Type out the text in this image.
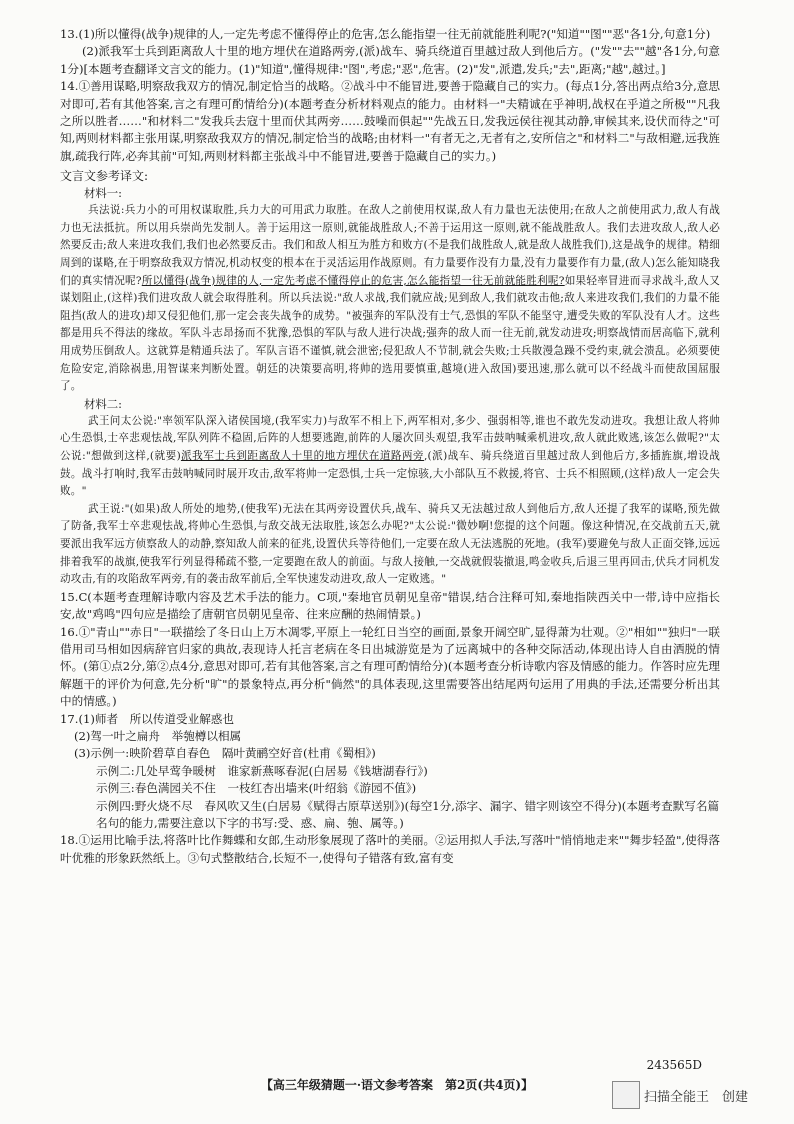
13.(1)所以懂得(战争)规律的人,一定先考虑不懂得停止的危害,怎么能指望一往无前就能胜利呢?("知道""图""恶"各1分,句意1分)

(2)派我军士兵到距离敌人十里的地方埋伏在道路两旁,(派)战车、骑兵绕道百里越过敌人到他后方。("发""去""越"各1分,句意1分)[本题考查翻译文言文的能力。(1)"知道",懂得规律:"图",考虑;"恶",危害。(2)"发",派遣,发兵;"去",距离;"越",越过。]

14.①善用谋略,明察敌我双方的情况,制定恰当的战略。②战斗中不能冒进,要善于隐藏自己的实力。(每点1分,答出两点给3分,意思对即可,若有其他答案,言之有理可酌情给分)(本题考查分析材料观点的能力。由材料一"夫精诚在乎神明,战权在乎道之所极""凡我之所以胜者……"和材料二"发我兵去寇十里而伏其两旁……鼓噪而俱起""先战五日,发我远侯往视其动静,审候其来,设伏而待之"可知,两则材料都主张用谋,明察敌我双方的情况,制定恰当的战略;由材料一"有者无之,无者有之,安所信之"和材料二"与敌相避,远我旌旗,疏我行阵,必奔其前"可知,两则材料都主张战斗中不能冒进,要善于隐藏自己的实力。)

文言文参考译文:

材料一:

兵法说:兵力小的可用权谋取胜,兵力大的可用武力取胜。在敌人之前使用权谋,敌人有力量也无法使用;在敌人之前使用武力,敌人有战力也无法抵抗。所以用兵崇尚先发制人。善于运用这一原则,就能战胜敌人;不善于运用这一原则,就不能战胜敌人。我们去进攻敌人,敌人必然要反击;敌人来进攻我们,我们也必然要反击。我们和敌人相互为胜方和败方(不是我们战胜敌人,就是敌人战胜我们),这是战争的规律。精细周到的谋略,在于明察敌我双方情况,机动权变的根本在于灵活运用作战原则。有力量要作没有力量,没有力量要作有力量,(敌人)怎么能知晓我们的真实情况呢?所以懂得(战争)规律的人,一定先考虑不懂得停止的危害,怎么能指望一往无前就能胜利呢?如果轻率冒进而寻求战斗,敌人又谋划阻止,(这样)我们进攻敌人就会取得胜利。所以兵法说:"敌人求战,我们就应战;见到敌人,我们就攻击他;敌人来进攻我们,我们的力量不能阻挡(敌人的进攻)却又侵犯他们,那一定会丧失战争的成势。"被强奔的军队没有士气,恐惧的军队不能坚守,遭受失败的军队没有人才。这些都是用兵不得法的缘故。军队斗志昂扬而不犹豫,恐惧的军队与敌人进行决战;强奔的敌人而一往无前,就发动进攻;明察战情而居高临下,就利用成势压倒敌人。这就算是精通兵法了。军队言语不谨慎,就会泄密;侵犯敌人不节制,就会失败;士兵散漫急躁不受约束,就会溃乱。必须要使危险安定,消除祸患,用智谋来判断处置。朝廷的决策要高明,将帅的选用要慎重,越境(进入敌国)要迅速,那么就可以不经战斗而使敌国屈服了。

材料二:

武王问太公说:"率领军队深入诸侯国境,(我军实力)与敌军不相上下,两军相对,多少、强弱相等,谁也不敢先发动进攻。我想让敌人将帅心生恐惧,士卒悲观怯战,军队列阵不稳固,后阵的人想要逃跑,前阵的人屡次回头观望,我军击鼓呐喊乘机进攻,敌人就此败逃,该怎么做呢?"太公说:"想做到这样,(就要)派我军士兵到距离敌人十里的地方埋伏在道路两旁,(派)战车、骑兵绕道百里越过敌人到他后方,多插旌旗,增设战鼓。战斗打响时,我军击鼓呐喊同时展开攻击,敌军将帅一定恐惧,士兵一定惊骇,大小部队互不救援,将官、士兵不相照顾,(这样)敌人一定会失败。"

武王说:"(如果)敌人所处的地势,(使我军)无法在其两旁设置伏兵,战车、骑兵又无法越过敌人到他后方,敌人还提了我军的谋略,预先做了防备,我军士卒悲观怯战,将帅心生恐惧,与敌交战无法取胜,该怎么办呢?"太公说:"微妙啊!您提的这个问题。像这种情况,在交战前五天,就要派出我军远方侦察敌人的动静,察知敌人前来的征兆,设置伏兵等待他们,一定要在敌人无法逃脱的死地。(我军)要避免与敌人正面交锋,远远排着我军的战旗,使我军行列显得稀疏不整,一定要跑在敌人的前面。与敌人接触,一交战就假装撤退,鸣金收兵,后退三里再回击,伏兵才同机发动攻击,有的攻陷敌军两旁,有的袭击敌军前后,全军快速发动进攻,敌人一定败逃。"

15.C(本题考查理解诗歌内容及艺术手法的能力。C项,"秦地官员朝见皇帝"错误,结合注释可知,秦地指陕西关中一带,诗中应指长安,故"鸡鸣"四句应是描绘了唐朝官员朝见皇帝、往来应酬的热闹情景。)

16.①"青山""赤日"一联描绘了冬日山上万木凋零,平原上一轮红日当空的画面,景象开阔空旷,显得萧为壮观。②"相如""独归"一联借用司马相如因病辞官归家的典故,表现诗人托言老病在冬日出城游览是为了远离城中的各种交际活动,体现出诗人自由洒脱的情怀。(第①点2分,第②点4分,意思对即可,若有其他答案,言之有理可酌情给分)(本题考查分析诗歌内容及情感的能力。作答时应先理解题干的评价为何意,先分析"旷"的景象特点,再分析"倘然"的具体表现,这里需要答出结尾两句运用了用典的手法,还需要分析出其中的情感。)

17.(1)师者　所以传道受业解惑也
(2)驾一叶之扁舟　举匏樽以相属
(3)示例一:映阶碧草自春色　隔叶黄鹂空好音(杜甫《蜀相》)
示例二:几处早莺争暖树　谁家新燕啄春泥(白居易《钱塘湖春行》)
示例三:春色满园关不住　一枝红杏出墙来(叶绍翁《游园不值》)
示例四:野火烧不尽　春风吹又生(白居易《赋得古原草送别》)(每空1分,添字、漏字、错字则该空不得分)(本题考查默写名篇名句的能力,需要注意以下字的书写:受、惑、扁、匏、属等。)

18.①运用比喻手法,将落叶比作舞蝶和女郎,生动形象展现了落叶的美丽。②运用拟人手法,写落叶"悄悄地走来""舞步轻盈",使得落叶优雅的形象跃然纸上。③句式整散结合,长短不一,使得句子错落有致,富有变

243565D
【高三年级猜题一·语文参考答案　第2页(共4页)】
扫描全能王　创建
